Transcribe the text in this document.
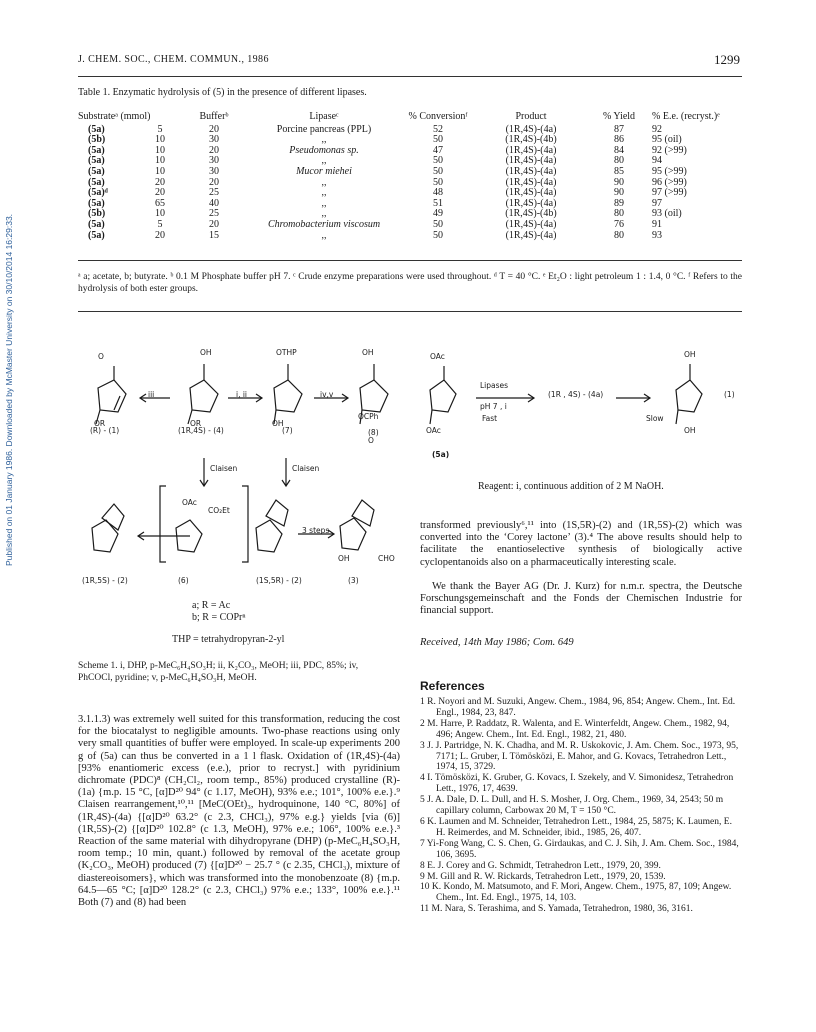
Published on 01 January 1986. Downloaded by McMaster University on 30/10/2014 16:29:33.
J. CHEM. SOC., CHEM. COMMUN., 1986	1299
Table 1. Enzymatic hydrolysis of (5) in the presence of different lipases.
Substrateᵃ (mmol)		Bufferᵇ	Lipaseᶜ	% Conversionᶠ	Product	% Yield	% E.e. (recryst.)ᵉ
(5a)	5	20	Porcine pancreas (PPL)	52	(1R,4S)-(4a)	87	92
(5b)	10	30	,,	50	(1R,4S)-(4b)	86	95 (oil)
(5a)	10	20	Pseudomonas sp.	47	(1R,4S)-(4a)	84	92 (>99)
(5a)	10	30	,,	50	(1R,4S)-(4a)	80	94
(5a)	10	30	Mucor miehei	50	(1R,4S)-(4a)	85	95 (>99)
(5a)	20	20	,,	50	(1R,4S)-(4a)	90	96 (>99)
(5a)ᵈ	20	25	,,	48	(1R,4S)-(4a)	90	97 (>99)
(5a)	65	40	,,	51	(1R,4S)-(4a)	89	97
(5b)	10	25	,,	49	(1R,4S)-(4b)	80	93 (oil)
(5a)	5	20	Chromobacterium viscosum	50	(1R,4S)-(4a)	76	91
(5a)	20	15	,,	50	(1R,4S)-(4a)	80	93
ᵃ a; acetate, b; butyrate. ᵇ 0.1 M Phosphate buffer pH 7. ᶜ Crude enzyme preparations were used throughout. ᵈ T = 40 °C. ᵉ Et₂O : light petroleum 1 : 1.4, 0 °C. ᶠ Refers to the hydrolysis of both ester groups.
(R) - (1)	(1R,4S) - (4)	(7)	(8)
iii	i, ii	iv,v
Claisen	Claisen
3 steps
(1R,5S) - (2)	(6)	(1S,5R) - (2)	(3)
O
OR
OH
OR
OTHP
OH
OH
OCPh
O
OAc
CO₂Et
OH	CHO
a; R = Ac
b; R = COPrⁿ
THP = tetrahydropyran-2-yl
Scheme 1. i, DHP, p-MeC₆H₄SO₃H; ii, K₂CO₃, MeOH; iii, PDC, 85%; iv, PhCOCl, pyridine; v, p-MeC₆H₄SO₃H, MeOH.
OAc
OAc
(5a)
Lipases
pH 7 , i
Fast
(1R , 4S) - (4a)
Slow
OH
OH
(1)
Reagent: i, continuous addition of 2 M NaOH.
transformed previously⁶,¹¹ into (1S,5R)-(2) and (1R,5S)-(2) which was converted into the ‘Corey lactone’ (3).⁴ The above results should help to facilitate the enantioselective synthesis of biologically active cyclopentanoids also on a pharmaceutically interesting scale.
We thank the Bayer AG (Dr. J. Kurz) for n.m.r. spectra, the Deutsche Forschungsgemeinschaft and the Fonds der Chemischen Industrie for financial support.
Received, 14th May 1986; Com. 649
References
1 R. Noyori and M. Suzuki, Angew. Chem., 1984, 96, 854; Angew. Chem., Int. Ed. Engl., 1984, 23, 847.
2 M. Harre, P. Raddatz, R. Walenta, and E. Winterfeldt, Angew. Chem., 1982, 94, 496; Angew. Chem., Int. Ed. Engl., 1982, 21, 480.
3 J. J. Partridge, N. K. Chadha, and M. R. Uskokovic, J. Am. Chem. Soc., 1973, 95, 7171; L. Gruber, I. Tömösközi, E. Mahor, and G. Kovacs, Tetrahedron Lett., 1974, 15, 3729.
4 I. Tömösközi, K. Gruber, G. Kovacs, I. Szekely, and V. Simonidesz, Tetrahedron Lett., 1976, 17, 4639.
5 J. A. Dale, D. L. Dull, and H. S. Mosher, J. Org. Chem., 1969, 34, 2543; 50 m capillary column, Carbowax 20 M, T = 150 °C.
6 K. Laumen and M. Schneider, Tetrahedron Lett., 1984, 25, 5875; K. Laumen, E. H. Reimerdes, and M. Schneider, ibid., 1985, 26, 407.
7 Yi-Fong Wang, C. S. Chen, G. Girdaukas, and C. J. Sih, J. Am. Chem. Soc., 1984, 106, 3695.
8 E. J. Corey and G. Schmidt, Tetrahedron Lett., 1979, 20, 399.
9 M. Gill and R. W. Rickards, Tetrahedron Lett., 1979, 20, 1539.
10 K. Kondo, M. Matsumoto, and F. Mori, Angew. Chem., 1975, 87, 109; Angew. Chem., Int. Ed. Engl., 1975, 14, 103.
11 M. Nara, S. Terashima, and S. Yamada, Tetrahedron, 1980, 36, 3161.
3.1.1.3) was extremely well suited for this transformation, reducing the cost for the biocatalyst to negligible amounts. Two-phase reactions using only very small quantities of buffer were employed. In scale-up experiments 200 g of (5a) can thus be converted in a 1 l flask. Oxidation of (1R,4S)-(4a) [93% enantiomeric excess (e.e.), prior to recryst.] with pyridinium dichromate (PDC)⁸ (CH₂Cl₂, room temp., 85%) produced crystalline (R)-(1a) {m.p. 15 °C, [α]D²⁰ 94° (c 1.17, MeOH), 93% e.e.; 101°, 100% e.e.}.⁹ Claisen rearrangement,¹⁰,¹¹ [MeC(OEt)₃, hydroquinone, 140 °C, 80%] of (1R,4S)-(4a) {[α]D²⁰ 63.2° (c 2.3, CHCl₃), 97% e.g.} yields [via (6)] (1R,5S)-(2) {[α]D²⁰ 102.8° (c 1.3, MeOH), 97% e.e.; 106°, 100% e.e.}.³ Reaction of the same material with dihydropyrane (DHP) (p-MeC₆H₄SO₃H, room temp.; 10 min, quant.) followed by removal of the acetate group (K₂CO₃, MeOH) produced (7) {[α]D²⁰ − 25.7 ° (c 2.35, CHCl₃), mixture of diastereoisomers}, which was transformed into the monobenzoate (8) {m.p. 64.5—65 °C; [α]D²⁰ 128.2° (c 2.3, CHCl₃) 97% e.e.; 133°, 100% e.e.}.¹¹ Both (7) and (8) had been
